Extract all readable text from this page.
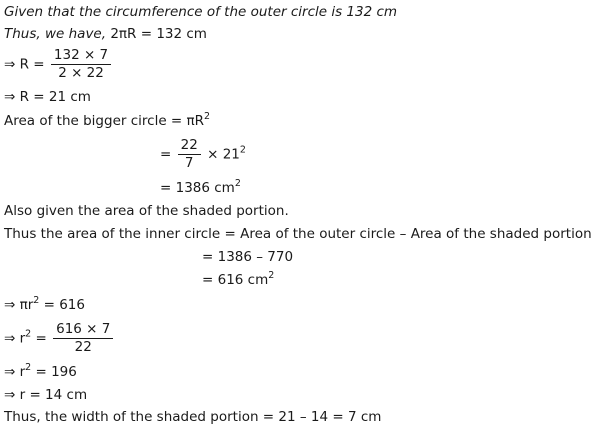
Given that the circumference of the outer circle is 132 cm
Thus, we have, 2πR = 132 cm
⇒ $R = \frac{132 \times 7}{2 \times 22}$
⇒ R = 21 cm
Area of the bigger circle = $\pi R^2$
= $\frac{22}{7} \times 21^2$
= 1386 $cm^2$
Also given the area of the shaded portion.
Thus the area of the inner circle = Area of the outer circle – Area of the shaded portion
= 1386 – 770
= 616 $cm^2$
⇒ $\pi r^2 = 616$
⇒ $r^2 = \frac{616 \times 7}{22}$
⇒ $r^2 = 196$
⇒ r = 14 cm
Thus, the width of the shaded portion = 21 – 14 = 7 cm
